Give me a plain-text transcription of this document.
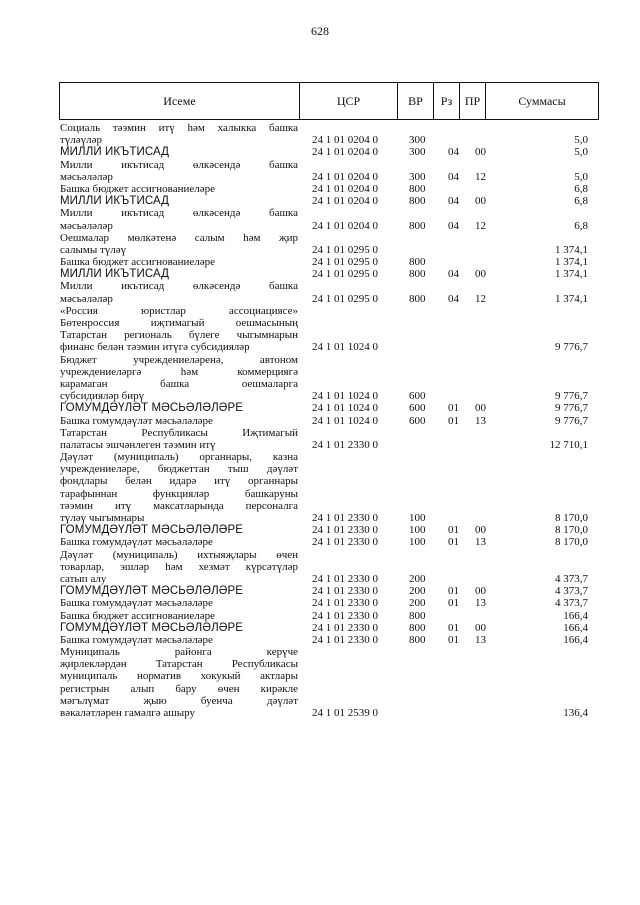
628
Исеме	ЦСР	ВР	Рз	ПР	Суммасы
Социаль тәэмин итү һәм халыкка башка
түләүләр	24 1 01 0204 0	300	5,0
МИЛЛИ ИКЪТИСАД	24 1 01 0204 0	300 04 00	5,0
Милли икътисад өлкәсендә башка
мәсьәләләр	24 1 01 0204 0	300 04 12	5,0
Башка бюджет ассигнованиеләре	24 1 01 0204 0	800	6,8
МИЛЛИ ИКЪТИСАД	24 1 01 0204 0	800 04 00	6,8
Милли икътисад өлкәсендә башка
мәсьәләләр	24 1 01 0204 0	800 04 12	6,8
Оешмалар мөлкәтенә салым һәм җир
салымы түләү	24 1 01 0295 0	1 374,1
Башка бюджет ассигнованиеләре	24 1 01 0295 0	800	1 374,1
МИЛЛИ ИКЪТИСАД	24 1 01 0295 0	800 04 00	1 374,1
Милли икътисад өлкәсендә башка
мәсьәләләр	24 1 01 0295 0	800 04 12	1 374,1
«Россия юристлар ассоциациясе»
Бөтенроссия иҗтимагый оешмасының
Татарстан региональ бүлеге чыгымнарын
финанс белән тәэмин итүгә субсидияләр	24 1 01 1024 0	9 776,7
Бюджет учреждениеләренә, автоном
учреждениеләргә һәм коммерциягә
карамаган башка оешмаларга
субсидияләр бирү	24 1 01 1024 0	600	9 776,7
ГОМУМДӘҮЛӘТ МӘСЬӘЛӘЛӘРЕ	24 1 01 1024 0	600 01 00	9 776,7
Башка гомумдәүләт мәсьәләләре	24 1 01 1024 0	600 01 13	9 776,7
Татарстан Республикасы Иҗтимагый
палатасы эшчәнлеген тәэмин итү	24 1 01 2330 0	12 710,1
Дәүләт (муниципаль) органнары, казна
учреждениеләре, бюджеттан тыш дәүләт
фондлары белән идарә итү органнары
тарафыннан функцияләр башкаруны
тәэмин итү максатларында персоналга
түләү чыгымнары	24 1 01 2330 0	100	8 170,0
ГОМУМДӘҮЛӘТ МӘСЬӘЛӘЛӘРЕ	24 1 01 2330 0	100 01 00	8 170,0
Башка гомумдәүләт мәсьәләләре	24 1 01 2330 0	100 01 13	8 170,0
Дәүләт (муниципаль) ихтыяҗлары өчен
товарлар, эшләр һәм хезмәт күрсәтүләр
сатып алу	24 1 01 2330 0	200	4 373,7
ГОМУМДӘҮЛӘТ МӘСЬӘЛӘЛӘРЕ	24 1 01 2330 0	200 01 00	4 373,7
Башка гомумдәүләт мәсьәләләре	24 1 01 2330 0	200 01 13	4 373,7
Башка бюджет ассигнованиеләре	24 1 01 2330 0	800	166,4
ГОМУМДӘҮЛӘТ МӘСЬӘЛӘЛӘРЕ	24 1 01 2330 0	800 01 00	166,4
Башка гомумдәүләт мәсьәләләре	24 1 01 2330 0	800 01 13	166,4
Муниципаль районга керүче
җирлекләрдән Татарстан Республикасы
муниципаль норматив хокукый актлары
регистрын алып бару өчен кирәкле
мәгълүмат җыю буенча дәүләт
вәкаләтләрен гамәлгә ашыру	24 1 01 2539 0	136,4
